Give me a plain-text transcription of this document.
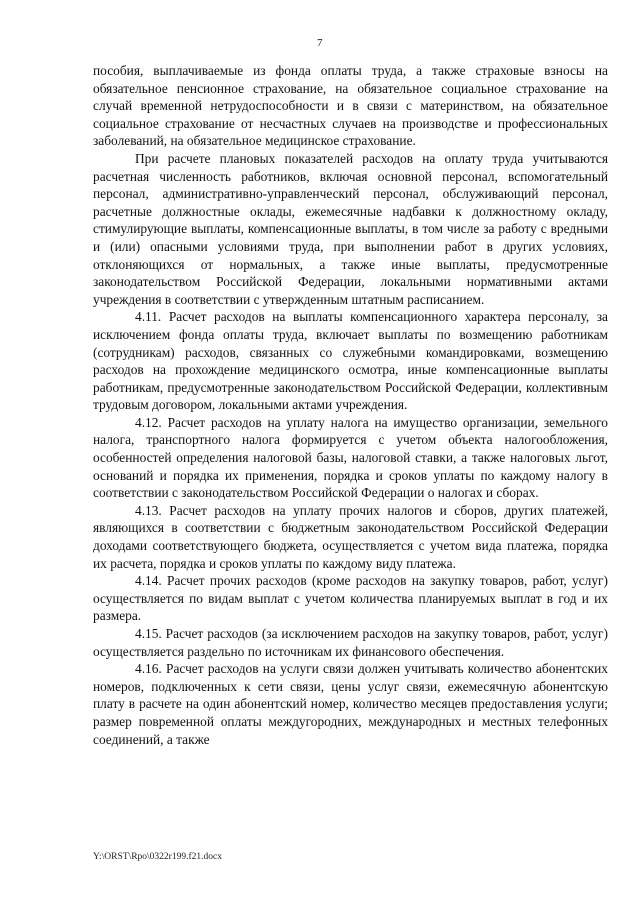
7

пособия, выплачиваемые из фонда оплаты труда, а также страховые взносы на обязательное пенсионное страхование, на обязательное социальное страхование на случай временной нетрудоспособности и в связи с материнством, на обязательное социальное страхование от несчастных случаев на производстве и профессиональных заболеваний, на обязательное медицинское страхование.

При расчете плановых показателей расходов на оплату труда учитываются расчетная численность работников, включая основной персонал, вспомогательный персонал, административно-управленческий персонал, обслуживающий персонал, расчетные должностные оклады, ежемесячные надбавки к должностному окладу, стимулирующие выплаты, компенсационные выплаты, в том числе за работу с вредными и (или) опасными условиями труда, при выполнении работ в других условиях, отклоняющихся от нормальных, а также иные выплаты, предусмотренные законодательством Российской Федерации, локальными нормативными актами учреждения в соответствии с утвержденным штатным расписанием.

4.11. Расчет расходов на выплаты компенсационного характера персоналу, за исключением фонда оплаты труда, включает выплаты по возмещению работникам (сотрудникам) расходов, связанных со служебными командировками, возмещению расходов на прохождение медицинского осмотра, иные компенсационные выплаты работникам, предусмотренные законодательством Российской Федерации, коллективным трудовым договором, локальными актами учреждения.

4.12. Расчет расходов на уплату налога на имущество организации, земельного налога, транспортного налога формируется с учетом объекта налогообложения, особенностей определения налоговой базы, налоговой ставки, а также налоговых льгот, оснований и порядка их применения, порядка и сроков уплаты по каждому налогу в соответствии с законодательством Российской Федерации о налогах и сборах.

4.13. Расчет расходов на уплату прочих налогов и сборов, других платежей, являющихся в соответствии с бюджетным законодательством Российской Федерации доходами соответствующего бюджета, осуществляется с учетом вида платежа, порядка их расчета, порядка и сроков уплаты по каждому виду платежа.

4.14. Расчет прочих расходов (кроме расходов на закупку товаров, работ, услуг) осуществляется по видам выплат с учетом количества планируемых выплат в год и их размера.

4.15. Расчет расходов (за исключением расходов на закупку товаров, работ, услуг) осуществляется раздельно по источникам их финансового обеспечения.

4.16. Расчет расходов на услуги связи должен учитывать количество абонентских номеров, подключенных к сети связи, цены услуг связи, ежемесячную абонентскую плату в расчете на один абонентский номер, количество месяцев предоставления услуги; размер повременной оплаты междугородних, международных и местных телефонных соединений, а также

Y:\ORST\Rpo\0322r199.f21.docx
